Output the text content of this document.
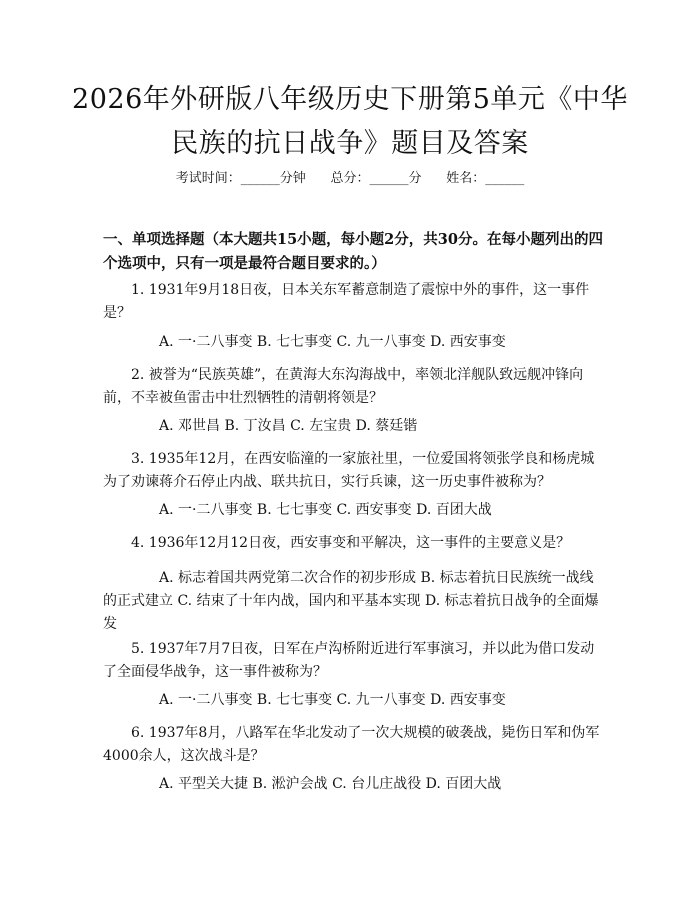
2026年外研版八年级历史下册第5单元《中华民族的抗日战争》题目及答案
考试时间：______分钟      总分：______分      姓名：______
一、单项选择题（本大题共15小题，每小题2分，共30分。在每小题列出的四个选项中，只有一项是最符合题目要求的。）
1. 1931年9月18日夜，日本关东军蓄意制造了震惊中外的事件，这一事件是？
A. 一·二八事变 B. 七七事变 C. 九一八事变 D. 西安事变
2. 被誉为“民族英雄”，在黄海大东沟海战中，率领北洋舰队致远舰冲锋向前，不幸被鱼雷击中壮烈牺牲的清朝将领是？
A. 邓世昌 B. 丁汝昌 C. 左宝贵 D. 蔡廷锴
3. 1935年12月，在西安临潼的一家旅社里，一位爱国将领张学良和杨虎城为了劝谏蒋介石停止内战、联共抗日，实行兵谏，这一历史事件被称为？
A. 一·二八事变 B. 七七事变 C. 西安事变 D. 百团大战
4. 1936年12月12日夜，西安事变和平解决，这一事件的主要意义是？
A. 标志着国共两党第二次合作的初步形成 B. 标志着抗日民族统一战线的正式建立 C. 结束了十年内战，国内和平基本实现 D. 标志着抗日战争的全面爆发
5. 1937年7月7日夜，日军在卢沟桥附近进行军事演习，并以此为借口发动了全面侵华战争，这一事件被称为？
A. 一·二八事变 B. 七七事变 C. 九一八事变 D. 西安事变
6. 1937年8月，八路军在华北发动了一次大规模的破袭战，毙伤日军和伪军4000余人，这次战斗是？
A. 平型关大捷 B. 淞沪会战 C. 台儿庄战役 D. 百团大战
